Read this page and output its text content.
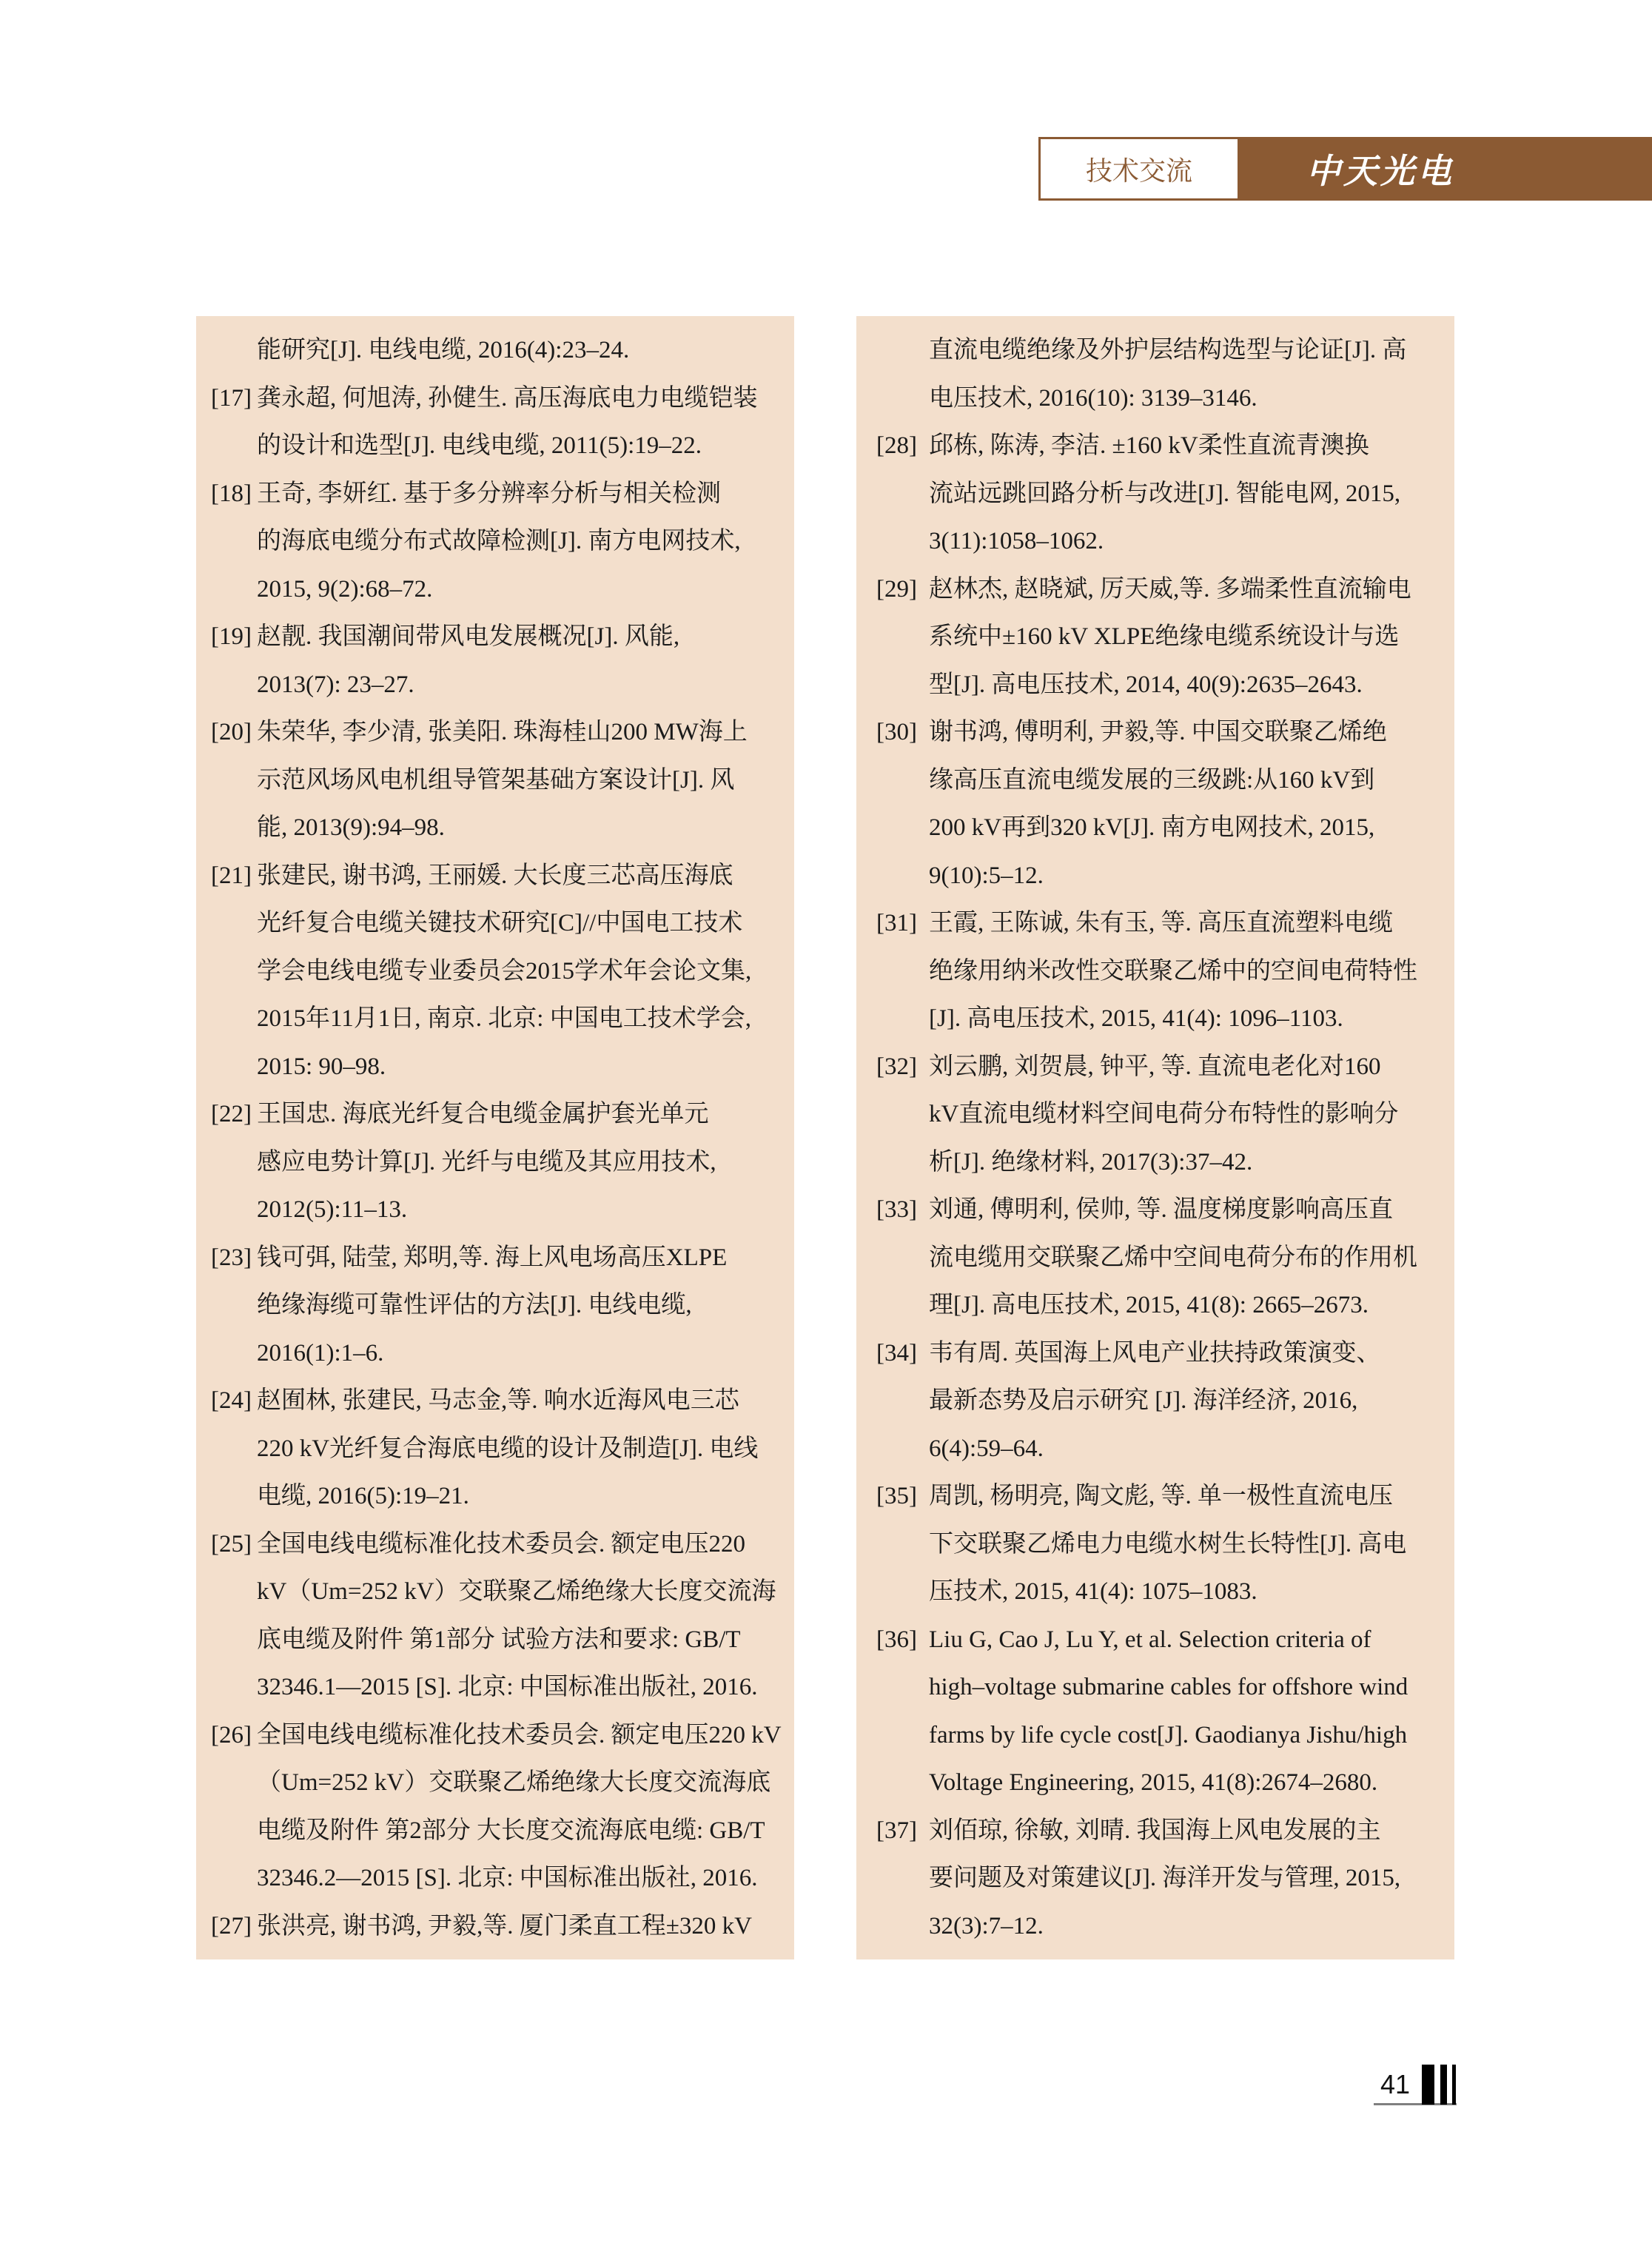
技术交流	中天光电
能研究[J]. 电线电缆, 2016(4):23–24.
[17] 龚永超, 何旭涛, 孙健生. 高压海底电力电缆铠装
的设计和选型[J]. 电线电缆, 2011(5):19–22.
[18] 王奇, 李妍红. 基于多分辨率分析与相关检测
的海底电缆分布式故障检测[J]. 南方电网技术,
2015, 9(2):68–72.
[19] 赵靓. 我国潮间带风电发展概况[J]. 风能,
2013(7): 23–27.
[20] 朱荣华, 李少清, 张美阳. 珠海桂山200 MW海上
示范风场风电机组导管架基础方案设计[J]. 风
能, 2013(9):94–98.
[21] 张建民, 谢书鸿, 王丽媛. 大长度三芯高压海底
光纤复合电缆关键技术研究[C]//中国电工技术
学会电线电缆专业委员会2015学术年会论文集,
2015年11月1日, 南京. 北京: 中国电工技术学会,
2015: 90–98.
[22] 王国忠. 海底光纤复合电缆金属护套光单元
感应电势计算[J]. 光纤与电缆及其应用技术,
2012(5):11–13.
[23] 钱可弭, 陆莹, 郑明,等. 海上风电场高压XLPE
绝缘海缆可靠性评估的方法[J]. 电线电缆,
2016(1):1–6.
[24] 赵囿林, 张建民, 马志金,等. 响水近海风电三芯
220 kV光纤复合海底电缆的设计及制造[J]. 电线
电缆, 2016(5):19–21.
[25] 全国电线电缆标准化技术委员会. 额定电压220
kV（Um=252 kV）交联聚乙烯绝缘大长度交流海
底电缆及附件 第1部分 试验方法和要求: GB/T
32346.1—2015 [S]. 北京: 中国标准出版社, 2016.
[26] 全国电线电缆标准化技术委员会. 额定电压220 kV
（Um=252 kV）交联聚乙烯绝缘大长度交流海底
电缆及附件 第2部分 大长度交流海底电缆: GB/T
32346.2—2015 [S]. 北京: 中国标准出版社, 2016.
[27] 张洪亮, 谢书鸿, 尹毅,等. 厦门柔直工程±320 kV
直流电缆绝缘及外护层结构选型与论证[J]. 高
电压技术, 2016(10): 3139–3146.
[28] 邱栋, 陈涛, 李洁. ±160 kV柔性直流青澳换
流站远跳回路分析与改进[J]. 智能电网, 2015,
3(11):1058–1062.
[29] 赵林杰, 赵晓斌, 厉天威,等. 多端柔性直流输电
系统中±160 kV XLPE绝缘电缆系统设计与选
型[J]. 高电压技术, 2014, 40(9):2635–2643.
[30] 谢书鸿, 傅明利, 尹毅,等. 中国交联聚乙烯绝
缘高压直流电缆发展的三级跳:从160 kV到
200 kV再到320 kV[J]. 南方电网技术, 2015,
9(10):5–12.
[31] 王霞, 王陈诚, 朱有玉, 等. 高压直流塑料电缆
绝缘用纳米改性交联聚乙烯中的空间电荷特性
[J]. 高电压技术, 2015, 41(4): 1096–1103.
[32] 刘云鹏, 刘贺晨, 钟平, 等. 直流电老化对160
kV直流电缆材料空间电荷分布特性的影响分
析[J]. 绝缘材料, 2017(3):37–42.
[33] 刘通, 傅明利, 侯帅, 等. 温度梯度影响高压直
流电缆用交联聚乙烯中空间电荷分布的作用机
理[J]. 高电压技术, 2015, 41(8): 2665–2673.
[34] 韦有周. 英国海上风电产业扶持政策演变、
最新态势及启示研究 [J]. 海洋经济, 2016,
6(4):59–64.
[35] 周凯, 杨明亮, 陶文彪, 等. 单一极性直流电压
下交联聚乙烯电力电缆水树生长特性[J]. 高电
压技术, 2015, 41(4): 1075–1083.
[36] Liu G, Cao J, Lu Y, et al. Selection criteria of
high–voltage submarine cables for offshore wind
farms by life cycle cost[J]. Gaodianya Jishu/high
Voltage Engineering, 2015, 41(8):2674–2680.
[37] 刘佰琼, 徐敏, 刘晴. 我国海上风电发展的主
要问题及对策建议[J]. 海洋开发与管理, 2015,
32(3):7–12.
41
